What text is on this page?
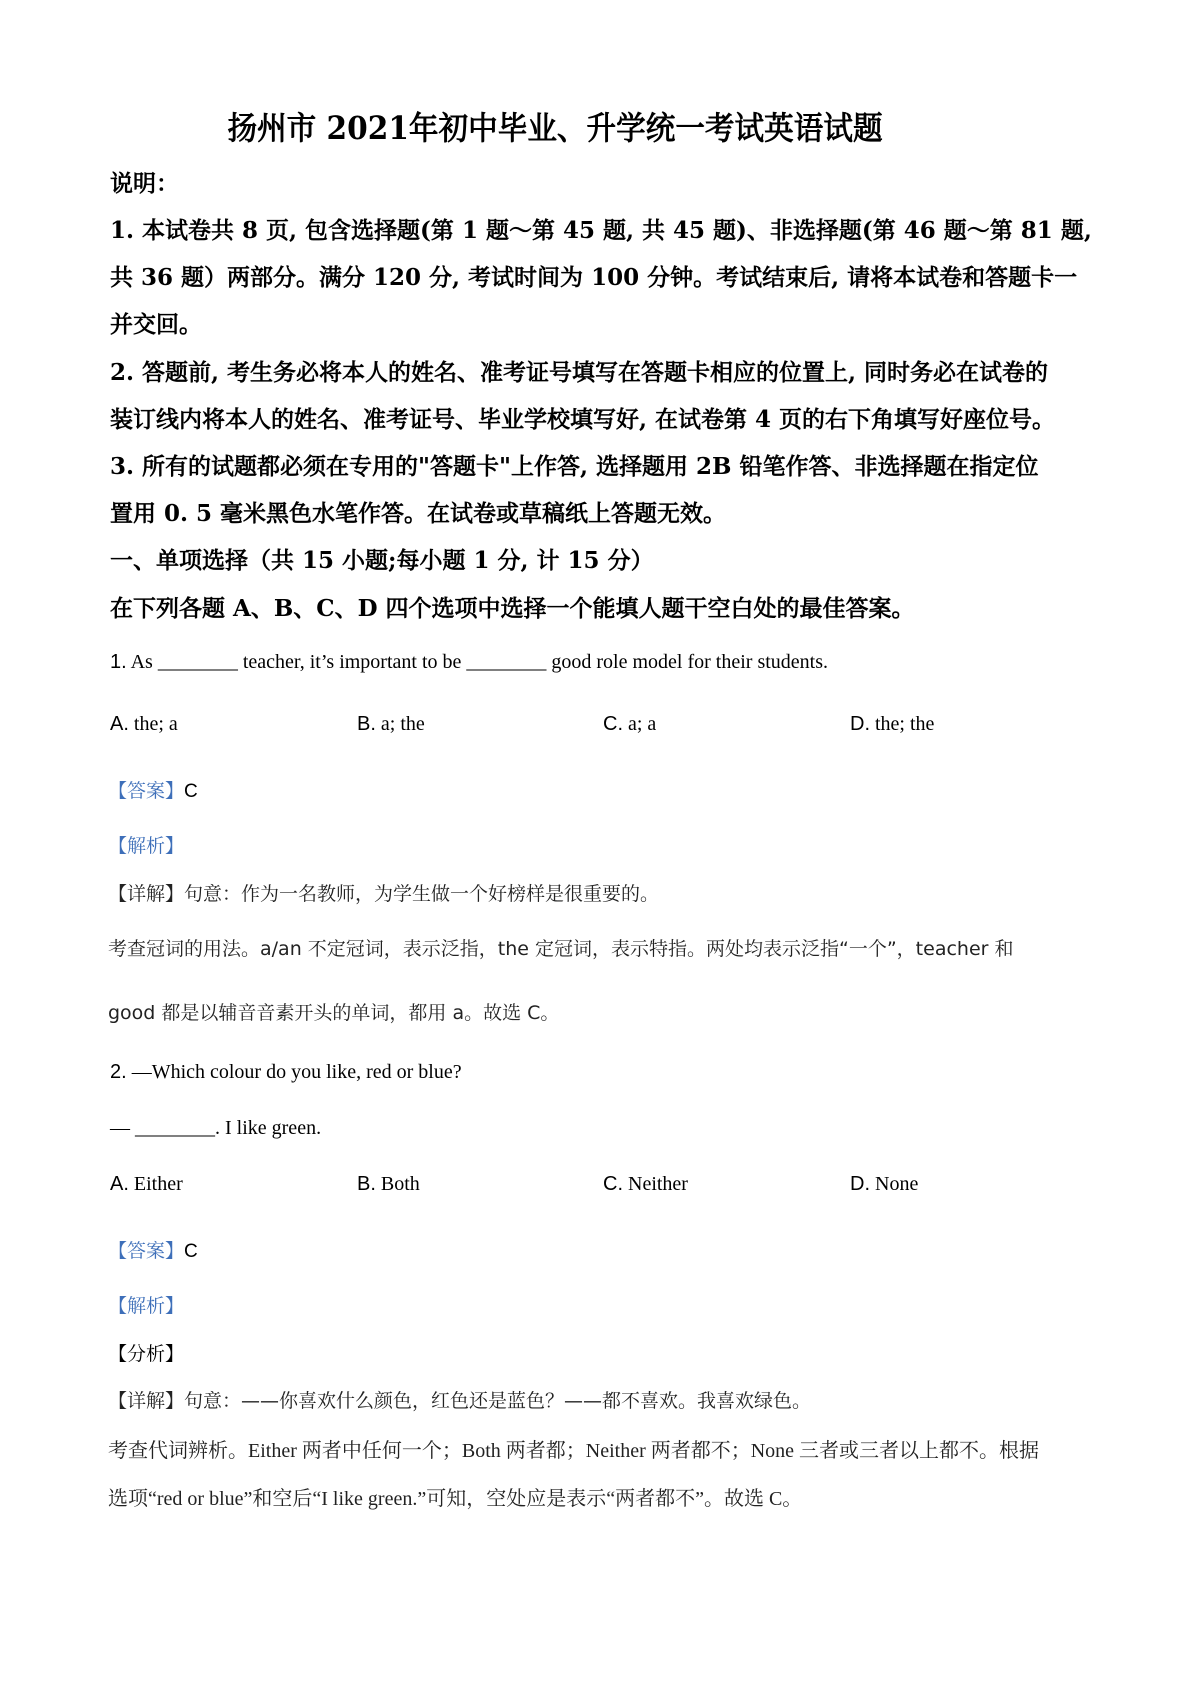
扬州市 2021年初中毕业、升学统一考试英语试题
说明：
1. 本试卷共 8 页, 包含选择题(第 1 题～第 45 题, 共 45 题)、非选择题(第 46 题～第 81 题,
共 36 题）两部分。满分 120 分, 考试时间为 100 分钟。考试结束后, 请将本试卷和答题卡一
并交回。
2. 答题前, 考生务必将本人的姓名、准考证号填写在答题卡相应的位置上, 同时务必在试卷的
装订线内将本人的姓名、准考证号、毕业学校填写好, 在试卷第 4 页的右下角填写好座位号。
3. 所有的试题都必须在专用的"答题卡"上作答, 选择题用 2B 铅笔作答、非选择题在指定位
置用 0. 5 毫米黑色水笔作答。在试卷或草稿纸上答题无效。
一、单项选择（共 15 小题;每小题 1 分, 计 15 分）
在下列各题 A、B、C、D 四个选项中选择一个能填人题干空白处的最佳答案。
1. As ________ teacher, it’s important to be ________ good role model for their students.
A. the; a	B. a; the	C. a; a	D. the; the
【答案】C
【解析】
【详解】句意：作为一名教师，为学生做一个好榜样是很重要的。
考查冠词的用法。a/an 不定冠词，表示泛指，the 定冠词，表示特指。两处均表示泛指“一个”，teacher 和
good 都是以辅音音素开头的单词，都用 a。故选 C。
2. —Which colour do you like, red or blue?
— ________. I like green.
A. Either	B. Both	C. Neither	D. None
【答案】C
【解析】
【分析】
【详解】句意：——你喜欢什么颜色，红色还是蓝色？——都不喜欢。我喜欢绿色。
考查代词辨析。Either 两者中任何一个；Both 两者都；Neither 两者都不；None 三者或三者以上都不。根据
选项“red or blue”和空后“I like green.”可知，空处应是表示“两者都不”。故选 C。
